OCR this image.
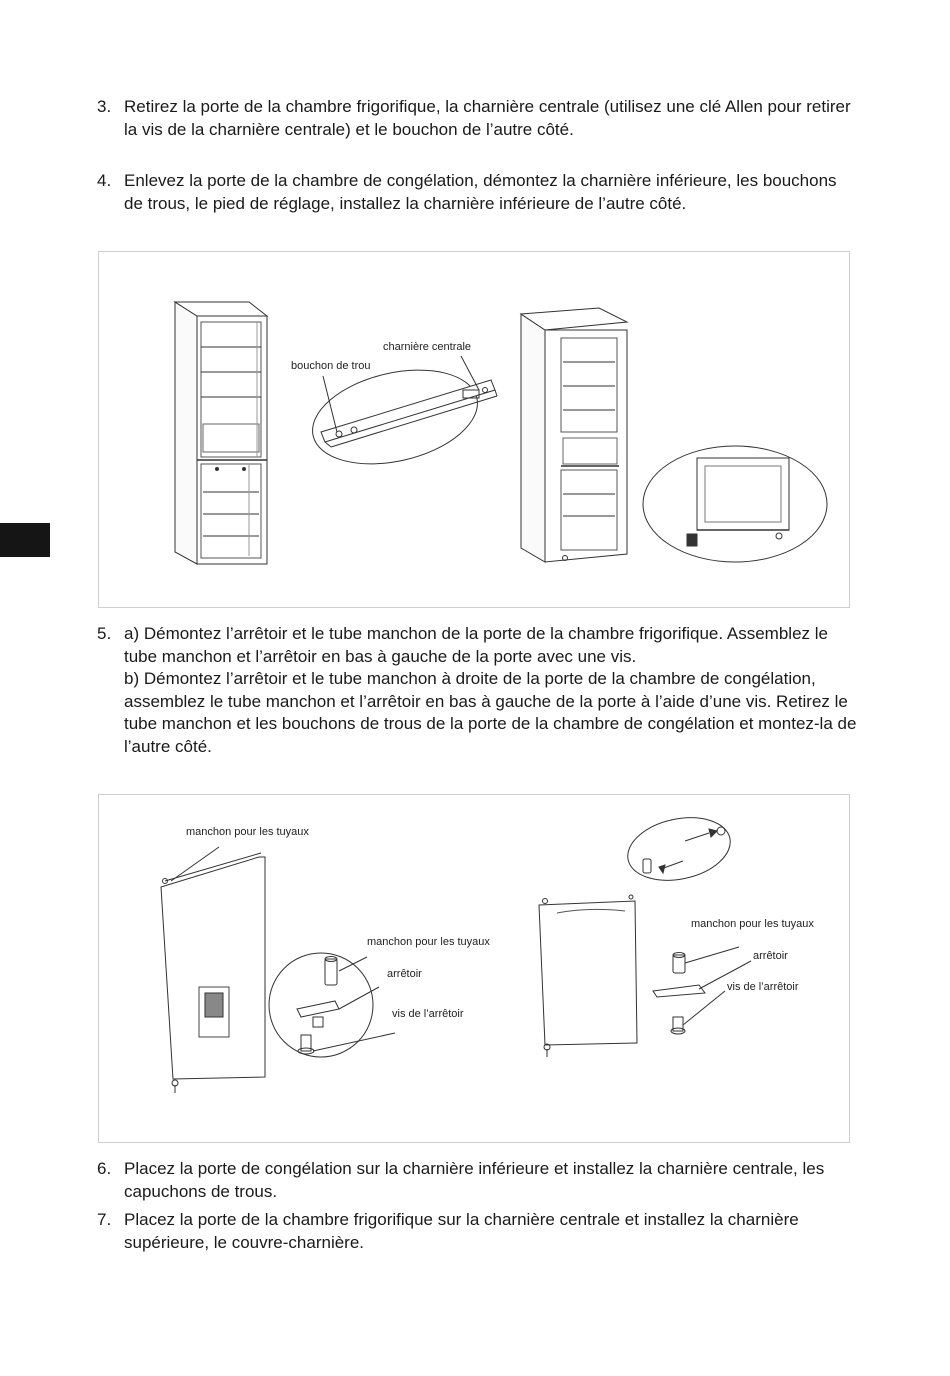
3. Retirez la porte de la chambre frigorifique, la charnière centrale (utilisez une clé Allen pour retirer la vis de la charnière centrale) et le bouchon de l’autre côté.
4. Enlevez la porte de la chambre de congélation, démontez la charnière inférieure, les bouchons de trous, le pied de réglage, installez la charnière inférieure de l’autre côté.
charnière centrale
bouchon de trou
5. a) Démontez l’arrêtoir et le tube manchon de la porte de la chambre frigorifique. Assemblez le tube manchon et l’arrêtoir en bas à gauche de la porte avec une vis.
b) Démontez l’arrêtoir et le tube manchon à droite de la porte de la chambre de congélation, assemblez le tube manchon et l’arrêtoir en bas à gauche de la porte à l’aide d’une vis. Retirez le tube manchon et les bouchons de trous de la porte de la chambre de congélation et montez-la de l’autre côté.
manchon pour les tuyaux
manchon pour les tuyaux
arrêtoir
vis de l’arrêtoir
manchon pour les tuyaux
arrêtoir
vis de l’arrêtoir
6. Placez la porte de congélation sur la charnière inférieure et installez la charnière centrale, les capuchons de trous.
7. Placez la porte de la chambre frigorifique sur la charnière centrale et installez la charnière supérieure, le couvre-charnière.
